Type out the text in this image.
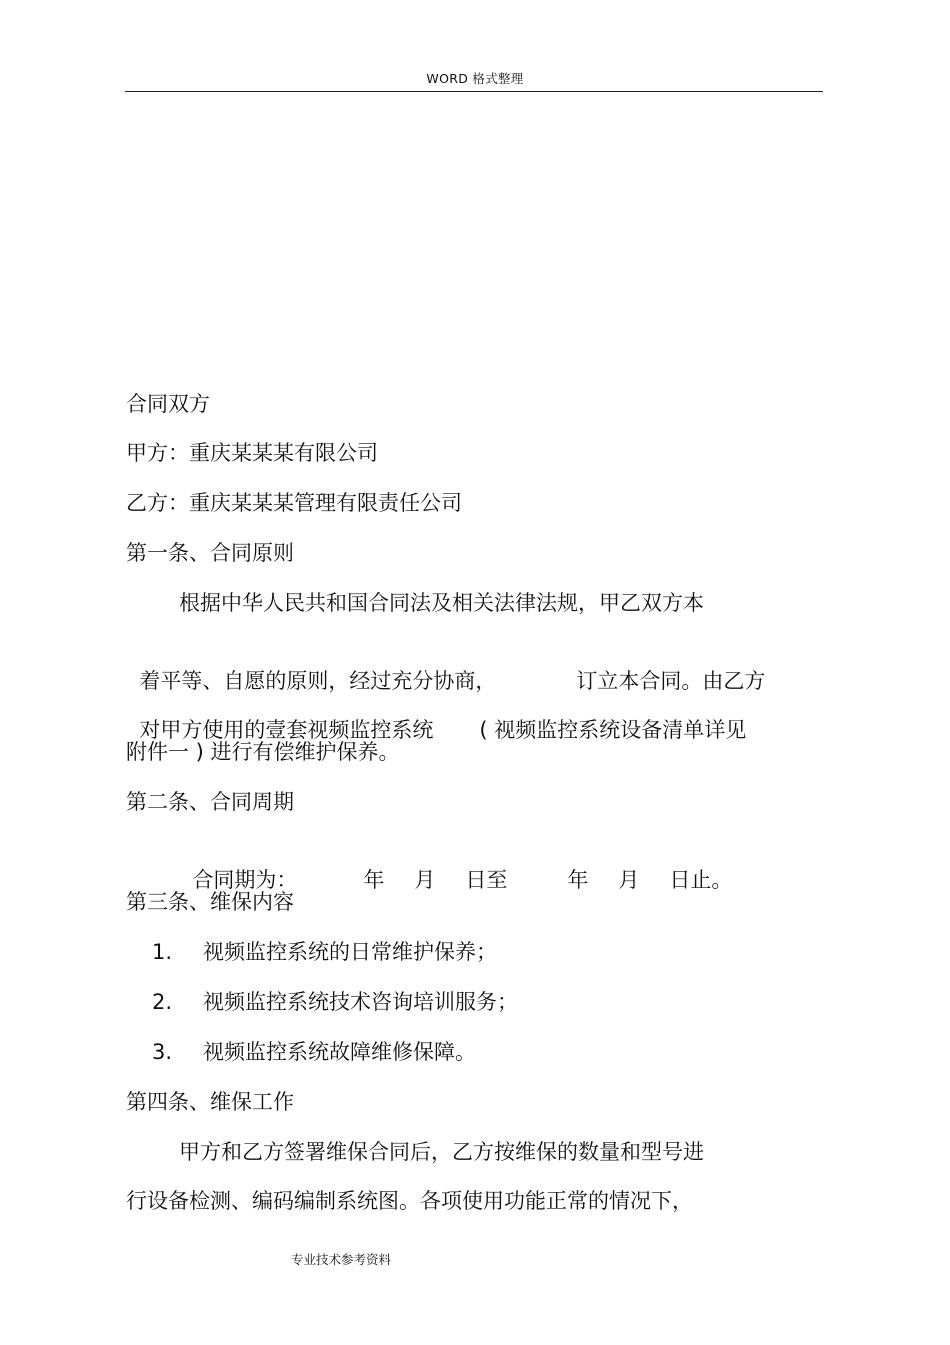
WORD 格式整理
合同双方
甲方：重庆某某某有限公司
乙方：重庆某某某管理有限责任公司
第一条、合同原则
根据中华人民共和国合同法及相关法律法规，甲乙双方本

着平等、自愿的原则，经过充分协商，	订立本合同。由乙方

对甲方使用的壹套视频监控系统 ( 视频监控系统设备清单详见

附件一 ) 进行有偿维护保养。
第二条、合同周期

合同期为：	年 月 日至	年 月 日止。

第三条、维保内容
1. 视频监控系统的日常维护保养；
2. 视频监控系统技术咨询培训服务；
3. 视频监控系统故障维修保障。
第四条、维保工作
甲方和乙方签署维保合同后，乙方按维保的数量和型号进
行设备检测、编码编制系统图。各项使用功能正常的情况下，
专业技术参考资料
